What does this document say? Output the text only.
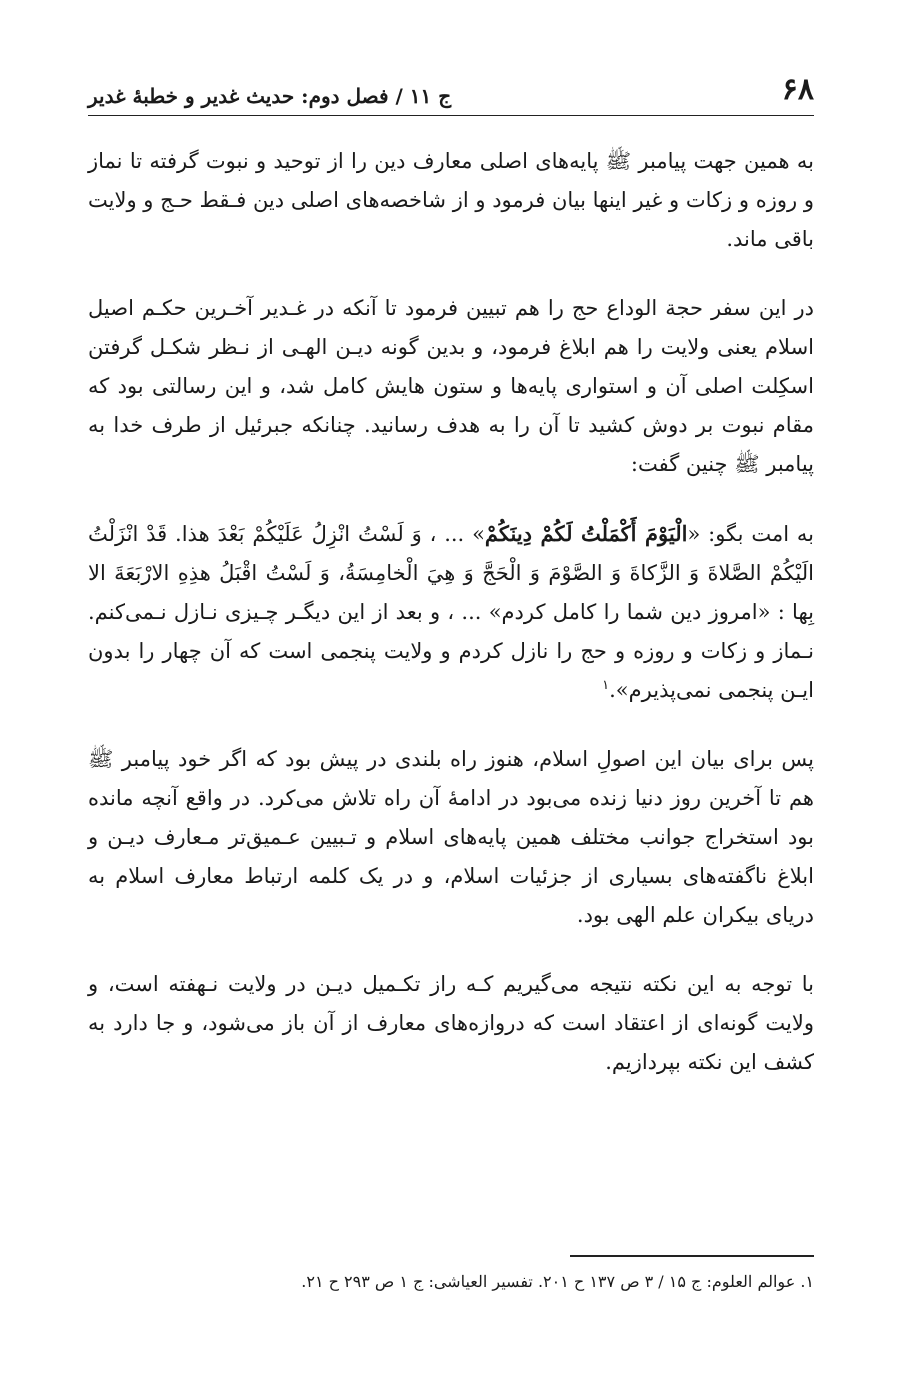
۶۸
ج ۱۱ / فصل دوم: حدیث غدیر و خطبۀ غدیر

به همین جهت پیامبر ﷺ پایه‌های اصلی معارف دین را از توحید و نبوت گرفته تا نماز و روزه و زکات و غیر اینها بیان فرمود و از شاخصه‌های اصلی دین فـقط حـج و ولایت باقی ماند.

در این سفر حجة الوداع حج را هم تبیین فرمود تا آنکه در غـدیر آخـرین حکـم اصیل اسلام یعنی ولایت را هم ابلاغ فرمود، و بدین گونه دیـن الهـی از نـظر شکـل گرفتن اسکِلت اصلی آن و استواری پایه‌ها و ستون هایش کامل شد، و این رسالتی بود که مقام نبوت بر دوش کشید تا آن را به هدف رسانید. چنانکه جبرئیل از طرف خدا به پیامبر ﷺ چنین گفت:

به امت بگو: «الْيَوْمَ أَكْمَلْتُ لَكُمْ دِينَكُمْ» ... ، وَ لَسْتُ انْزِلُ عَلَيْكُمْ بَعْدَ هذا. قَدْ انْزَلْتُ الَيْكُمْ الصَّلاةَ وَ الزَّكاةَ وَ الصَّوْمَ وَ الْحَجَّ وَ هِيَ الْخامِسَةُ، وَ لَسْتُ اقْبَلُ هذِهِ الارْبَعَةَ الا بِها : «امروز دین شما را کامل کردم» ... ، و بعد از این دیگـر چـیزی نـازل نـمی‌کنم. نـماز و زکات و روزه و حج را نازل کردم و ولایت پنجمی است که آن چهار را بدون ایـن پنجمی نمی‌پذیرم».$^۱$

پس برای بیان این اصولِ اسلام، هنوز راه بلندی در پیش بود که اگر خود پیامبر ﷺ هم تا آخرین روز دنیا زنده می‌بود در ادامۀ آن راه تلاش می‌کرد. در واقع آنچه مانده بود استخراج جوانب مختلف همین پایه‌های اسلام و تـبیین عـمیق‌تر مـعارف دیـن و ابلاغ ناگفته‌های بسیاری از جزئیات اسلام، و در یک کلمه ارتباط معارف اسلام به دریای بیکران علم الهی بود.

با توجه به این نکته نتیجه می‌گیریم کـه راز تکـمیل دیـن در ولایت نـهفته است، و ولایت گونه‌ای از اعتقاد است که دروازه‌های معارف از آن باز می‌شود، و جا دارد به کشف این نکته بپردازیم.

۱. عوالم العلوم: ج ۱۵ / ۳ ص ۱۳۷ ح ۲۰۱. تفسیر العیاشی: ج ۱ ص ۲۹۳ ح ۲۱.
